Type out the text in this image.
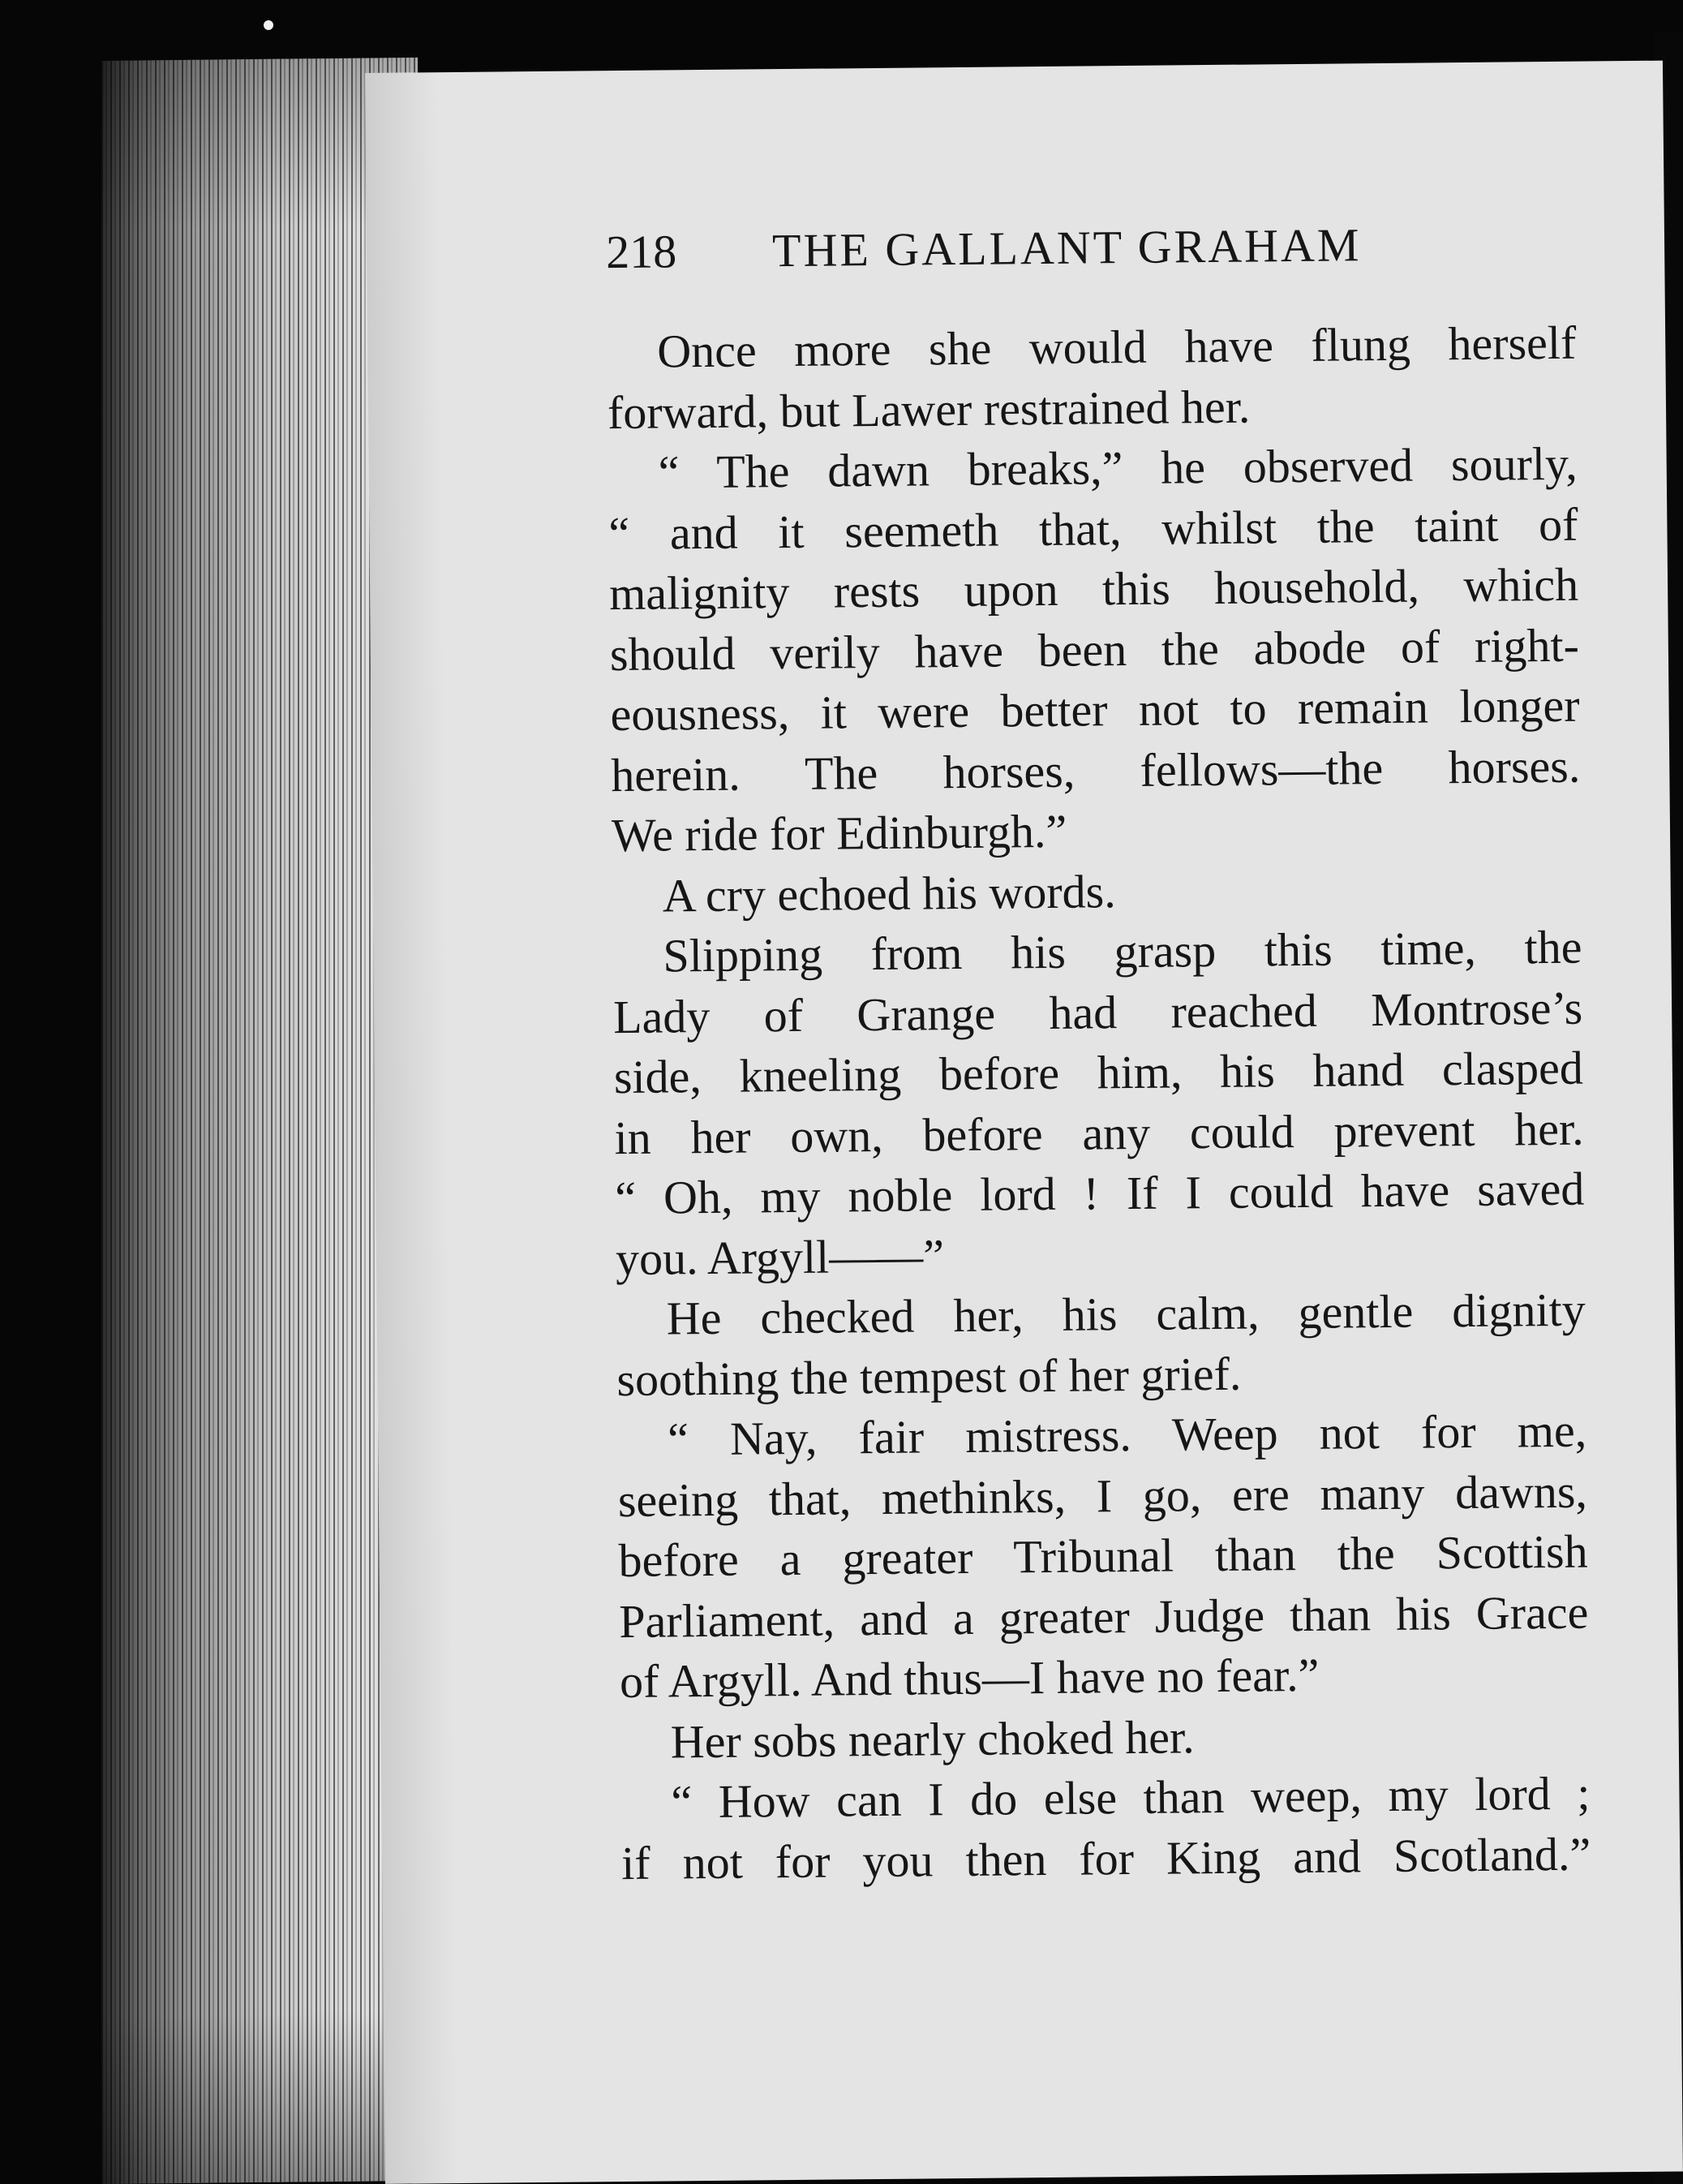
218	THE GALLANT GRAHAM
Once more she would have flung herself
forward, but Lawer restrained her.
“ The dawn breaks,” he observed sourly,
“ and it seemeth that, whilst the taint of
malignity rests upon this household, which
should verily have been the abode of right-
eousness, it were better not to remain longer
herein. The horses, fellows—the horses.
We ride for Edinburgh.”
A cry echoed his words.
Slipping from his grasp this time, the
Lady of Grange had reached Montrose’s
side, kneeling before him, his hand clasped
in her own, before any could prevent her.
“ Oh, my noble lord ! If I could have saved
you. Argyll——”
He checked her, his calm, gentle dignity
soothing the tempest of her grief.
“ Nay, fair mistress. Weep not for me,
seeing that, methinks, I go, ere many dawns,
before a greater Tribunal than the Scottish
Parliament, and a greater Judge than his Grace
of Argyll. And thus—I have no fear.”
Her sobs nearly choked her.
“ How can I do else than weep, my lord ;
if not for you then for King and Scotland.”
